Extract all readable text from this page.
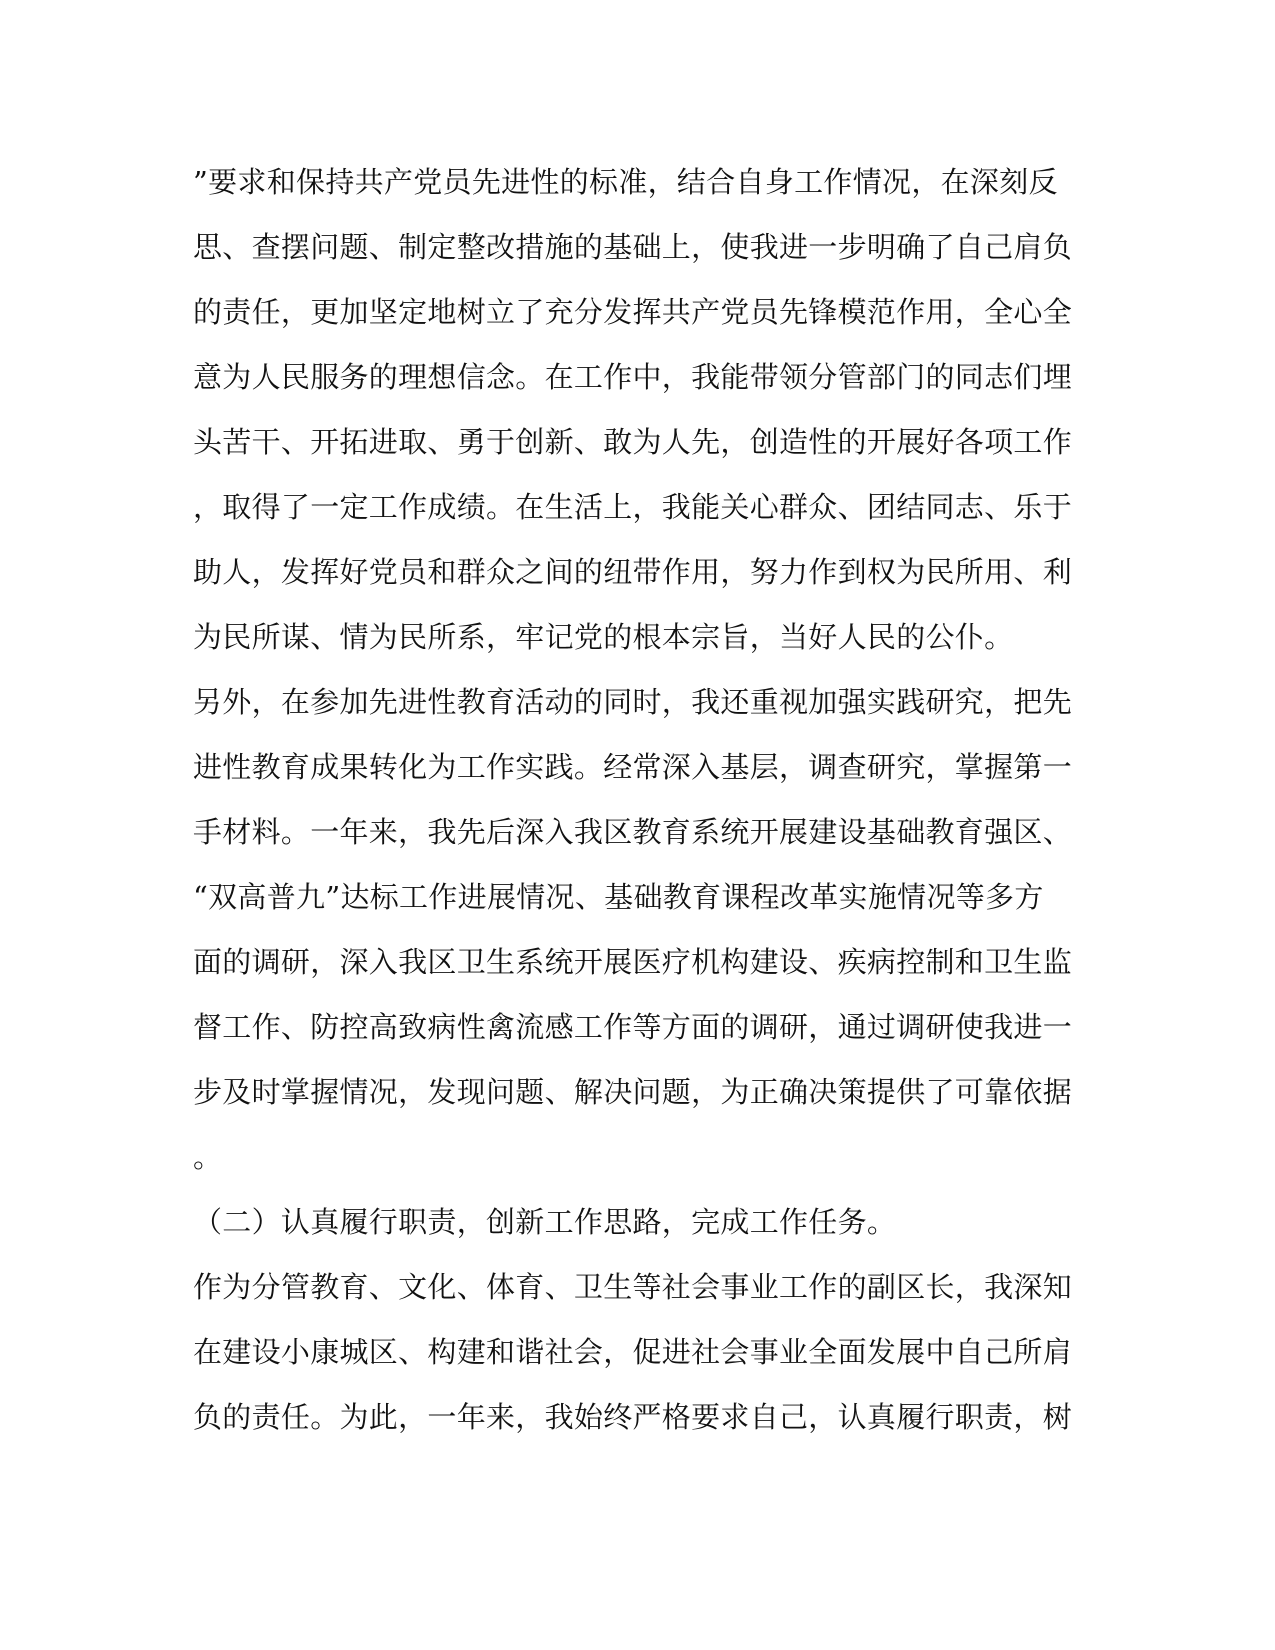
”要求和保持共产党员先进性的标准，结合自身工作情况，在深刻反
思、查摆问题、制定整改措施的基础上，使我进一步明确了自己肩负
的责任，更加坚定地树立了充分发挥共产党员先锋模范作用，全心全
意为人民服务的理想信念。在工作中，我能带领分管部门的同志们埋
头苦干、开拓进取、勇于创新、敢为人先，创造性的开展好各项工作
，取得了一定工作成绩。在生活上，我能关心群众、团结同志、乐于
助人，发挥好党员和群众之间的纽带作用，努力作到权为民所用、利
为民所谋、情为民所系，牢记党的根本宗旨，当好人民的公仆。
另外，在参加先进性教育活动的同时，我还重视加强实践研究，把先
进性教育成果转化为工作实践。经常深入基层，调查研究，掌握第一
手材料。一年来，我先后深入我区教育系统开展建设基础教育强区、
“双高普九”达标工作进展情况、基础教育课程改革实施情况等多方
面的调研，深入我区卫生系统开展医疗机构建设、疾病控制和卫生监
督工作、防控高致病性禽流感工作等方面的调研，通过调研使我进一
步及时掌握情况，发现问题、解决问题，为正确决策提供了可靠依据
。
（二）认真履行职责，创新工作思路，完成工作任务。
作为分管教育、文化、体育、卫生等社会事业工作的副区长，我深知
在建设小康城区、构建和谐社会，促进社会事业全面发展中自己所肩
负的责任。为此，一年来，我始终严格要求自己，认真履行职责，树
